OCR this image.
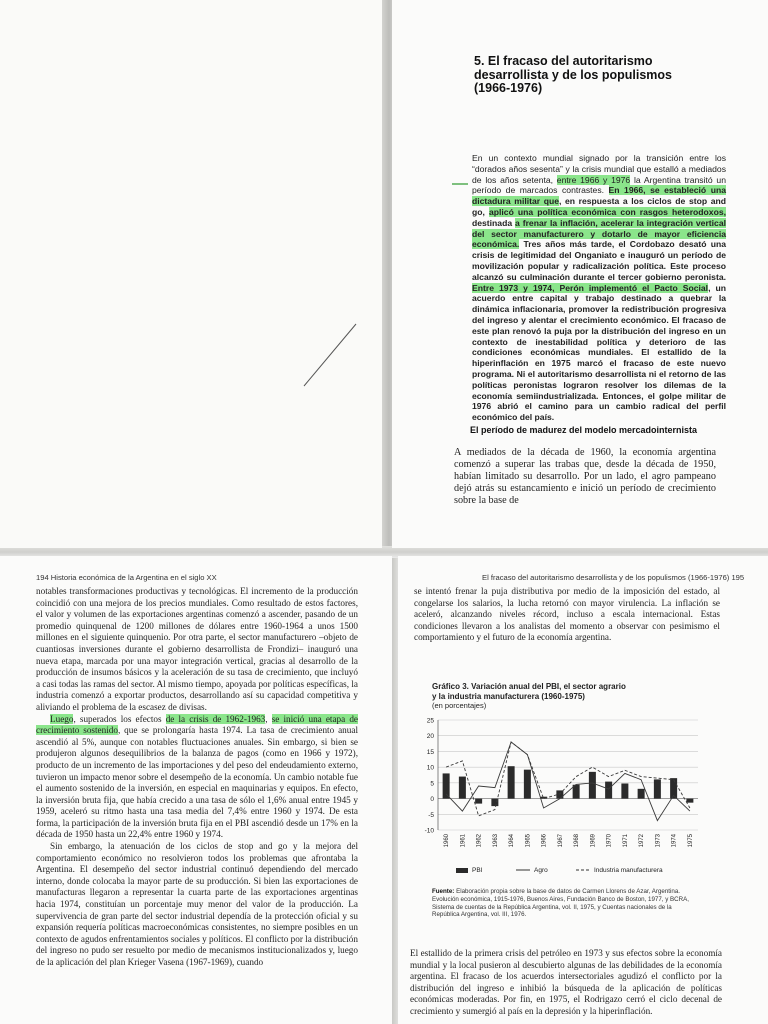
5. El fracaso del autoritarismo
desarrollista y de los populismos
(1966-1976)
En un contexto mundial signado por la transición entre los “dorados años sesenta” y la crisis mundial que estalló a mediados de los años setenta, entre 1966 y 1976 la Argentina transitó un período de marcados contrastes. En 1966, se estableció una dictadura militar que, en respuesta a los ciclos de stop and go, aplicó una política económica con rasgos heterodoxos, destinada a frenar la inflación, acelerar la integración vertical del sector manufacturero y dotarlo de mayor eficiencia económica. Tres años más tarde, el Cordobazo desató una crisis de legitimidad del Onganiato e inauguró un período de movilización popular y radicalización política. Este proceso alcanzó su culminación durante el tercer gobierno peronista. Entre 1973 y 1974, Perón implementó el Pacto Social, un acuerdo entre capital y trabajo destinado a quebrar la dinámica inflacionaria, promover la redistribución progresiva del ingreso y alentar el crecimiento económico. El fracaso de este plan renovó la puja por la distribución del ingreso en un contexto de inestabilidad política y deterioro de las condiciones económicas mundiales. El estallido de la hiperinflación en 1975 marcó el fracaso de este nuevo programa. Ni el autoritarismo desarrollista ni el retorno de las políticas peronistas lograron resolver los dilemas de la economía semiindustrializada. Entonces, el golpe militar de 1976 abrió el camino para un cambio radical del perfil económico del país.
El período de madurez del modelo mercadointernista
A mediados de la década de 1960, la economía argentina comenzó a superar las trabas que, desde la década de 1950, habían limitado su desarrollo. Por un lado, el agro pampeano dejó atrás su estancamiento e inició un período de crecimiento sobre la base de
194 Historia económica de la Argentina en el siglo XX

notables transformaciones productivas y tecnológicas. El incremento de la producción coincidió con una mejora de los precios mundiales. Como resultado de estos factores, el valor y volumen de las exportaciones argentinas comenzó a ascender, pasando de un promedio quinquenal de 1200 millones de dólares entre 1960-1964 a unos 1500 millones en el siguiente quinquenio. Por otra parte, el sector manufacturero –objeto de cuantiosas inversiones durante el gobierno desarrollista de Frondizi– inauguró una nueva etapa, marcada por una mayor integración vertical, gracias al desarrollo de la producción de insumos básicos y la aceleración de su tasa de crecimiento, que incluyó a casi todas las ramas del sector. Al mismo tiempo, apoyada por políticas específicas, la industria comenzó a exportar productos, desarrollando así su capacidad competitiva y aliviando el problema de la escasez de divisas.

Luego, superados los efectos de la crisis de 1962-1963, se inició una etapa de crecimiento sostenido, que se prolongaría hasta 1974. La tasa de crecimiento anual ascendió al 5%, aunque con notables fluctuaciones anuales. Sin embargo, si bien se produjeron algunos desequilibrios de la balanza de pagos (como en 1966 y 1972), producto de un incremento de las importaciones y del peso del endeudamiento externo, tuvieron un impacto menor sobre el desempeño de la economía. Un cambio notable fue el aumento sostenido de la inversión, en especial en maquinarias y equipos. En efecto, la inversión bruta fija, que había crecido a una tasa de sólo el 1,6% anual entre 1945 y 1959, aceleró su ritmo hasta una tasa media del 7,4% entre 1960 y 1974. De esta forma, la participación de la inversión bruta fija en el PBI ascendió desde un 17% en la década de 1950 hasta un 22,4% entre 1960 y 1974.

Sin embargo, la atenuación de los ciclos de stop and go y la mejora del comportamiento económico no resolvieron todos los problemas que afrontaba la Argentina. El desempeño del sector industrial continuó dependiendo del mercado interno, donde colocaba la mayor parte de su producción. Si bien las exportaciones de manufacturas llegaron a representar la cuarta parte de las exportaciones argentinas hacia 1974, constituían un porcentaje muy menor del valor de la producción. La supervivencia de gran parte del sector industrial dependía de la protección oficial y su expansión requería políticas macroeconómicas consistentes, no siempre posibles en un contexto de agudos enfrentamientos sociales y políticos. El conflicto por la distribución del ingreso no pudo ser resuelto por medio de mecanismos institucionalizados y, luego de la aplicación del plan Krieger Vasena (1967-1969), cuando

El fracaso del autoritarismo desarrollista y de los populismos (1966-1976) 195
se intentó frenar la puja distributiva por medio de la imposición del estado, al congelarse los salarios, la lucha retornó con mayor virulencia. La inflación se aceleró, alcanzando niveles récord, incluso a escala internacional. Estas condiciones llevaron a los analistas del momento a observar con pesimismo el comportamiento y el futuro de la economía argentina.
Gráfico 3. Variación anual del PBI, el sector agrario
y la industria manufacturera (1960-1975)
(en porcentajes)
-10
-5
0
5
10
15
20
25
1960 1961 1962 1963 1964 1965 1966 1967 1968 1969 1970 1971 1972 1973 1974 1975
PBI	Agro	Industria manufacturera
Fuente: Elaboración propia sobre la base de datos de Carmen Llorens de Azar, Argentina. Evolución económica, 1915-1976, Buenos Aires, Fundación Banco de Boston, 1977, y BCRA, Sistema de cuentas de la República Argentina, vol. II, 1975, y Cuentas nacionales de la República Argentina, vol. III, 1976.
El estallido de la primera crisis del petróleo en 1973 y sus efectos sobre la economía mundial y la local pusieron al descubierto algunas de las debilidades de la economía argentina. El fracaso de los acuerdos intersectoriales agudizó el conflicto por la distribución del ingreso e inhibió la búsqueda de la aplicación de políticas económicas moderadas. Por fin, en 1975, el Rodrigazo cerró el ciclo decenal de crecimiento y sumergió al país en la depresión y la hiperinflación.
